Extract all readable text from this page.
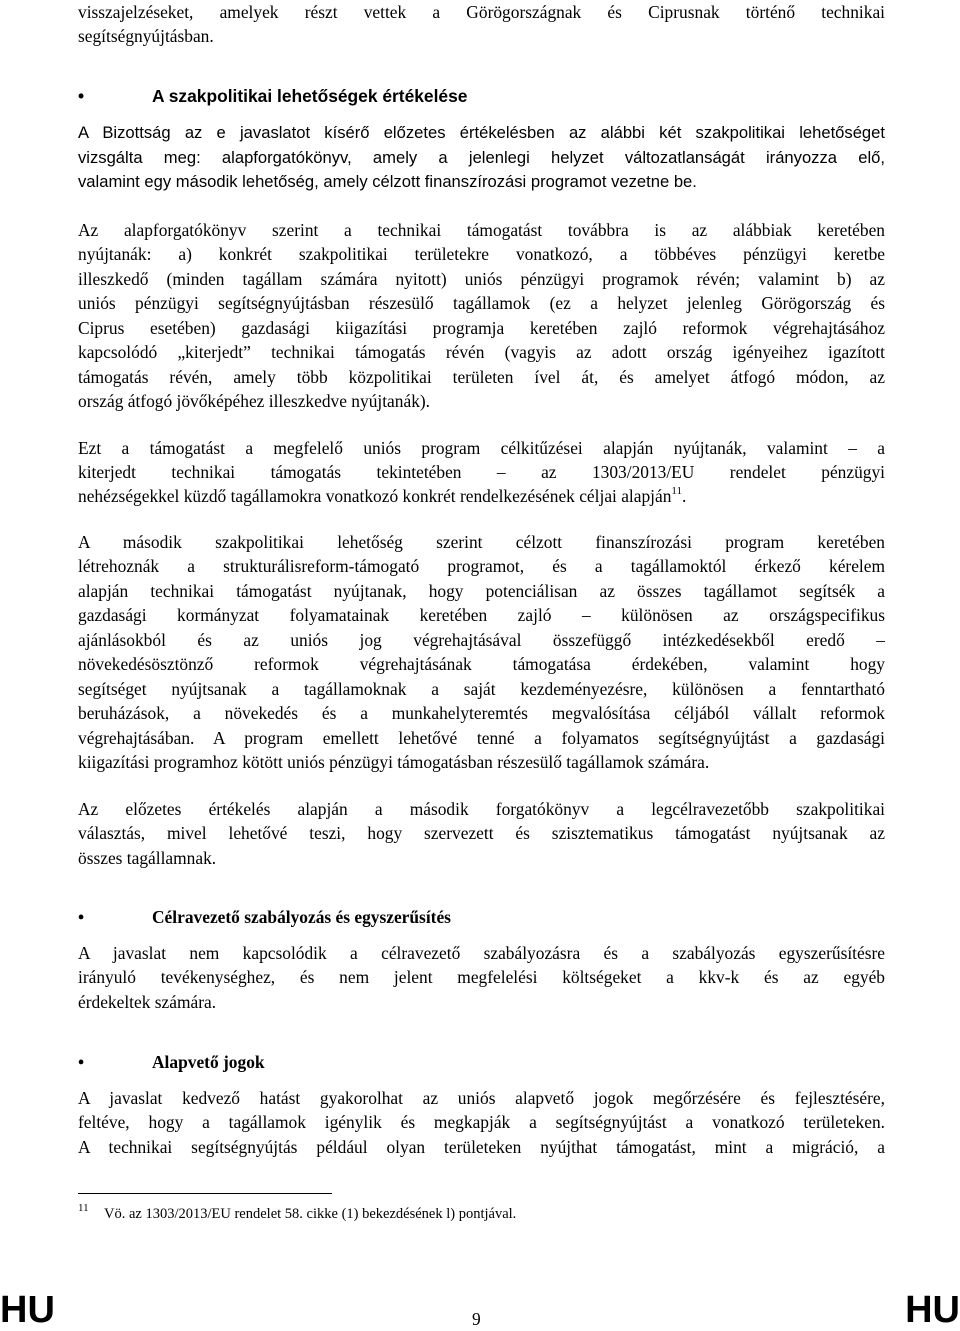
visszajelzéseket, amelyek részt vettek a Görögországnak és Ciprusnak történő technikai
segítségnyújtásban.
•	A szakpolitikai lehetőségek értékelése
A Bizottság az e javaslatot kísérő előzetes értékelésben az alábbi két szakpolitikai lehetőséget
vizsgálta meg: alapforgatókönyv, amely a jelenlegi helyzet változatlanságát irányozza elő,
valamint egy második lehetőség, amely célzott finanszírozási programot vezetne be.
Az alapforgatókönyv szerint a technikai támogatást továbbra is az alábbiak keretében
nyújtanák: a) konkrét szakpolitikai területekre vonatkozó, a többéves pénzügyi keretbe
illeszkedő (minden tagállam számára nyitott) uniós pénzügyi programok révén; valamint b) az
uniós pénzügyi segítségnyújtásban részesülő tagállamok (ez a helyzet jelenleg Görögország és
Ciprus esetében) gazdasági kiigazítási programja keretében zajló reformok végrehajtásához
kapcsolódó „kiterjedt” technikai támogatás révén (vagyis az adott ország igényeihez igazított
támogatás révén, amely több közpolitikai területen ível át, és amelyet átfogó módon, az
ország átfogó jövőképéhez illeszkedve nyújtanák).
Ezt a támogatást a megfelelő uniós program célkitűzései alapján nyújtanák, valamint – a
kiterjedt technikai támogatás tekintetében – az 1303/2013/EU rendelet pénzügyi
nehézségekkel küzdő tagállamokra vonatkozó konkrét rendelkezésének céljai alapján$^{11}$.
A második szakpolitikai lehetőség szerint célzott finanszírozási program keretében
létrehoznák a strukturálisreform-támogató programot, és a tagállamoktól érkező kérelem
alapján technikai támogatást nyújtanak, hogy potenciálisan az összes tagállamot segítsék a
gazdasági kormányzat folyamatainak keretében zajló – különösen az országspecifikus
ajánlásokból és az uniós jog végrehajtásával összefüggő intézkedésekből eredő –
növekedésösztönző reformok végrehajtásának támogatása érdekében, valamint hogy
segítséget nyújtsanak a tagállamoknak a saját kezdeményezésre, különösen a fenntartható
beruházások, a növekedés és a munkahelyteremtés megvalósítása céljából vállalt reformok
végrehajtásában. A program emellett lehetővé tenné a folyamatos segítségnyújtást a gazdasági
kiigazítási programhoz kötött uniós pénzügyi támogatásban részesülő tagállamok számára.
Az előzetes értékelés alapján a második forgatókönyv a legcélravezetőbb szakpolitikai
választás, mivel lehetővé teszi, hogy szervezett és szisztematikus támogatást nyújtsanak az
összes tagállamnak.
•	Célravezető szabályozás és egyszerűsítés
A javaslat nem kapcsolódik a célravezető szabályozásra és a szabályozás egyszerűsítésre
irányuló tevékenységhez, és nem jelent megfelelési költségeket a kkv-k és az egyéb
érdekeltek számára.
•	Alapvető jogok
A javaslat kedvező hatást gyakorolhat az uniós alapvető jogok megőrzésére és fejlesztésére,
feltéve, hogy a tagállamok igénylik és megkapják a segítségnyújtást a vonatkozó területeken.
A technikai segítségnyújtás például olyan területeken nyújthat támogatást, mint a migráció, a
11 Vö. az 1303/2013/EU rendelet 58. cikke (1) bekezdésének l) pontjával.
HU	9	HU
